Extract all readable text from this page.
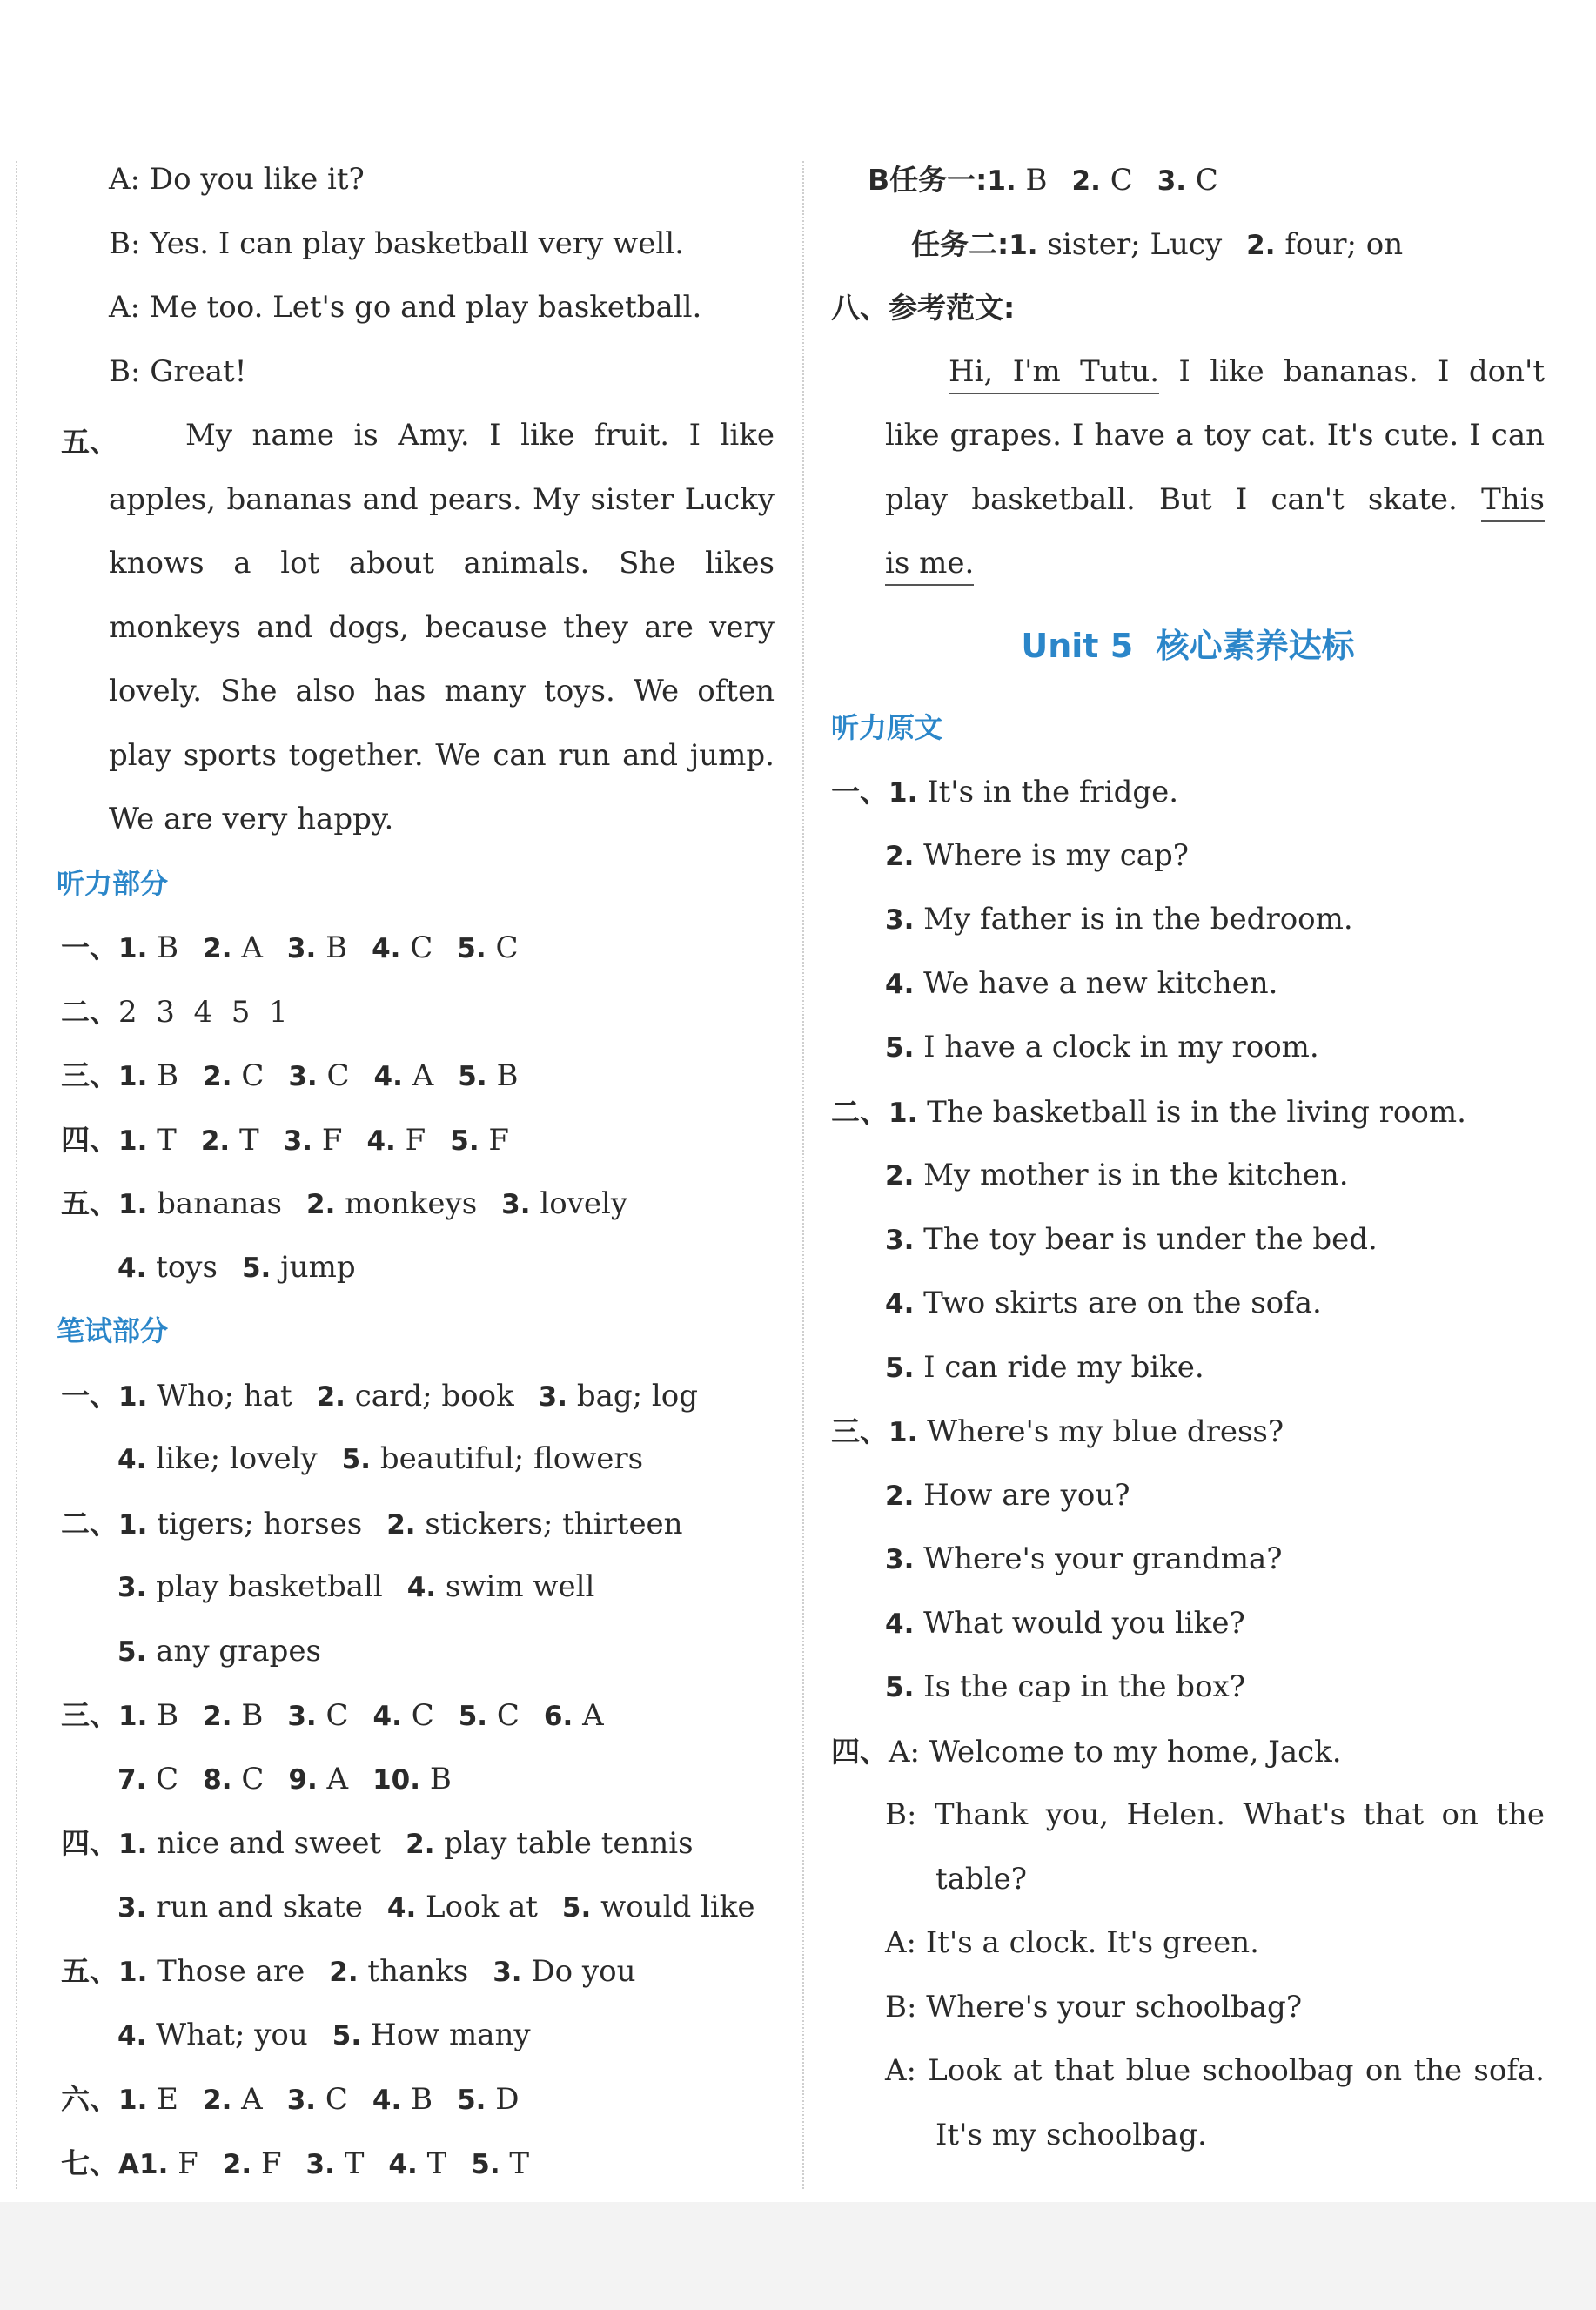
A: Do you like it?
B: Yes. I can play basketball very well.
A: Me too. Let's go and play basketball.
B: Great!
五、	My name is Amy. I like fruit. I like
apples, bananas and pears. My sister Lucky
knows a lot about animals. She likes
monkeys and dogs, because they are very
lovely. She also has many toys. We often
play sports together. We can run and jump.
We are very happy.
听力部分
一、1. B 2. A 3. B 4. C 5. C
二、2  3  4  5  1
三、1. B 2. C 3. C 4. A 5. B
四、1. T 2. T 3. F 4. F 5. F
五、1. bananas 2. monkeys 3. lovely
4. toys 5. jump
笔试部分
一、1. Who; hat 2. card; book 3. bag; log
4. like; lovely 5. beautiful; flowers
二、1. tigers; horses 2. stickers; thirteen
3. play basketball 4. swim well
5. any grapes
三、1. B 2. B 3. C 4. C 5. C 6. A
7. C 8. C 9. A 10. B
四、1. nice and sweet 2. play table tennis
3. run and skate 4. Look at 5. would like
五、1. Those are 2. thanks 3. Do you
4. What; you 5. How many
六、1. E 2. A 3. C 4. B 5. D
七、A1. F 2. F 3. T 4. T 5. T
B任务一:1. B 2. C 3. C
任务二:1. sister; Lucy 2. four; on
八、参考范文:
Hi, I'm Tutu. I like bananas. I don't
like grapes. I have a toy cat. It's cute. I can
play basketball. But I can't skate. This
is me.
Unit 5  核心素养达标
听力原文
一、1. It's in the fridge.
2. Where is my cap?
3. My father is in the bedroom.
4. We have a new kitchen.
5. I have a clock in my room.
二、1. The basketball is in the living room.
2. My mother is in the kitchen.
3. The toy bear is under the bed.
4. Two skirts are on the sofa.
5. I can ride my bike.
三、1. Where's my blue dress?
2. How are you?
3. Where's your grandma?
4. What would you like?
5. Is the cap in the box?
四、A: Welcome to my home, Jack.
B: Thank you, Helen. What's that on the
table?
A: It's a clock. It's green.
B: Where's your schoolbag?
A: Look at that blue schoolbag on the sofa.
It's my schoolbag.
